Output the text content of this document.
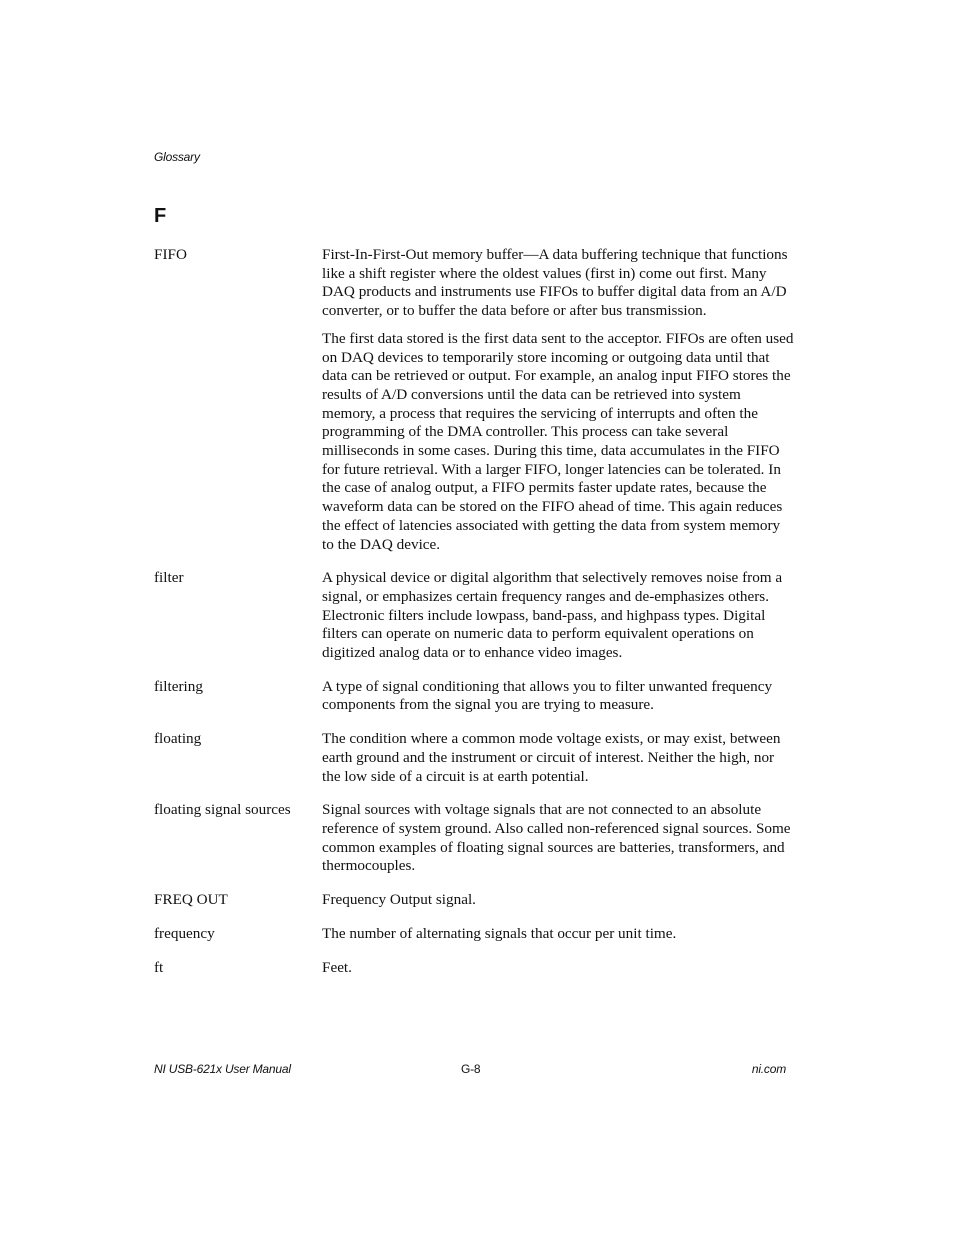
Glossary
F
FIFO	First-In-First-Out memory buffer—A data buffering technique that functions like a shift register where the oldest values (first in) come out first. Many DAQ products and instruments use FIFOs to buffer digital data from an A/D converter, or to buffer the data before or after bus transmission.

The first data stored is the first data sent to the acceptor. FIFOs are often used on DAQ devices to temporarily store incoming or outgoing data until that data can be retrieved or output. For example, an analog input FIFO stores the results of A/D conversions until the data can be retrieved into system memory, a process that requires the servicing of interrupts and often the programming of the DMA controller. This process can take several milliseconds in some cases. During this time, data accumulates in the FIFO for future retrieval. With a larger FIFO, longer latencies can be tolerated. In the case of analog output, a FIFO permits faster update rates, because the waveform data can be stored on the FIFO ahead of time. This again reduces the effect of latencies associated with getting the data from system memory to the DAQ device.

filter	A physical device or digital algorithm that selectively removes noise from a signal, or emphasizes certain frequency ranges and de-emphasizes others. Electronic filters include lowpass, band-pass, and highpass types. Digital filters can operate on numeric data to perform equivalent operations on digitized analog data or to enhance video images.

filtering	A type of signal conditioning that allows you to filter unwanted frequency components from the signal you are trying to measure.

floating	The condition where a common mode voltage exists, or may exist, between earth ground and the instrument or circuit of interest. Neither the high, nor the low side of a circuit is at earth potential.

floating signal sources	Signal sources with voltage signals that are not connected to an absolute reference of system ground. Also called non-referenced signal sources. Some common examples of floating signal sources are batteries, transformers, and thermocouples.

FREQ OUT	Frequency Output signal.

frequency	The number of alternating signals that occur per unit time.

ft	Feet.

NI USB-621x User Manual	G-8	ni.com
